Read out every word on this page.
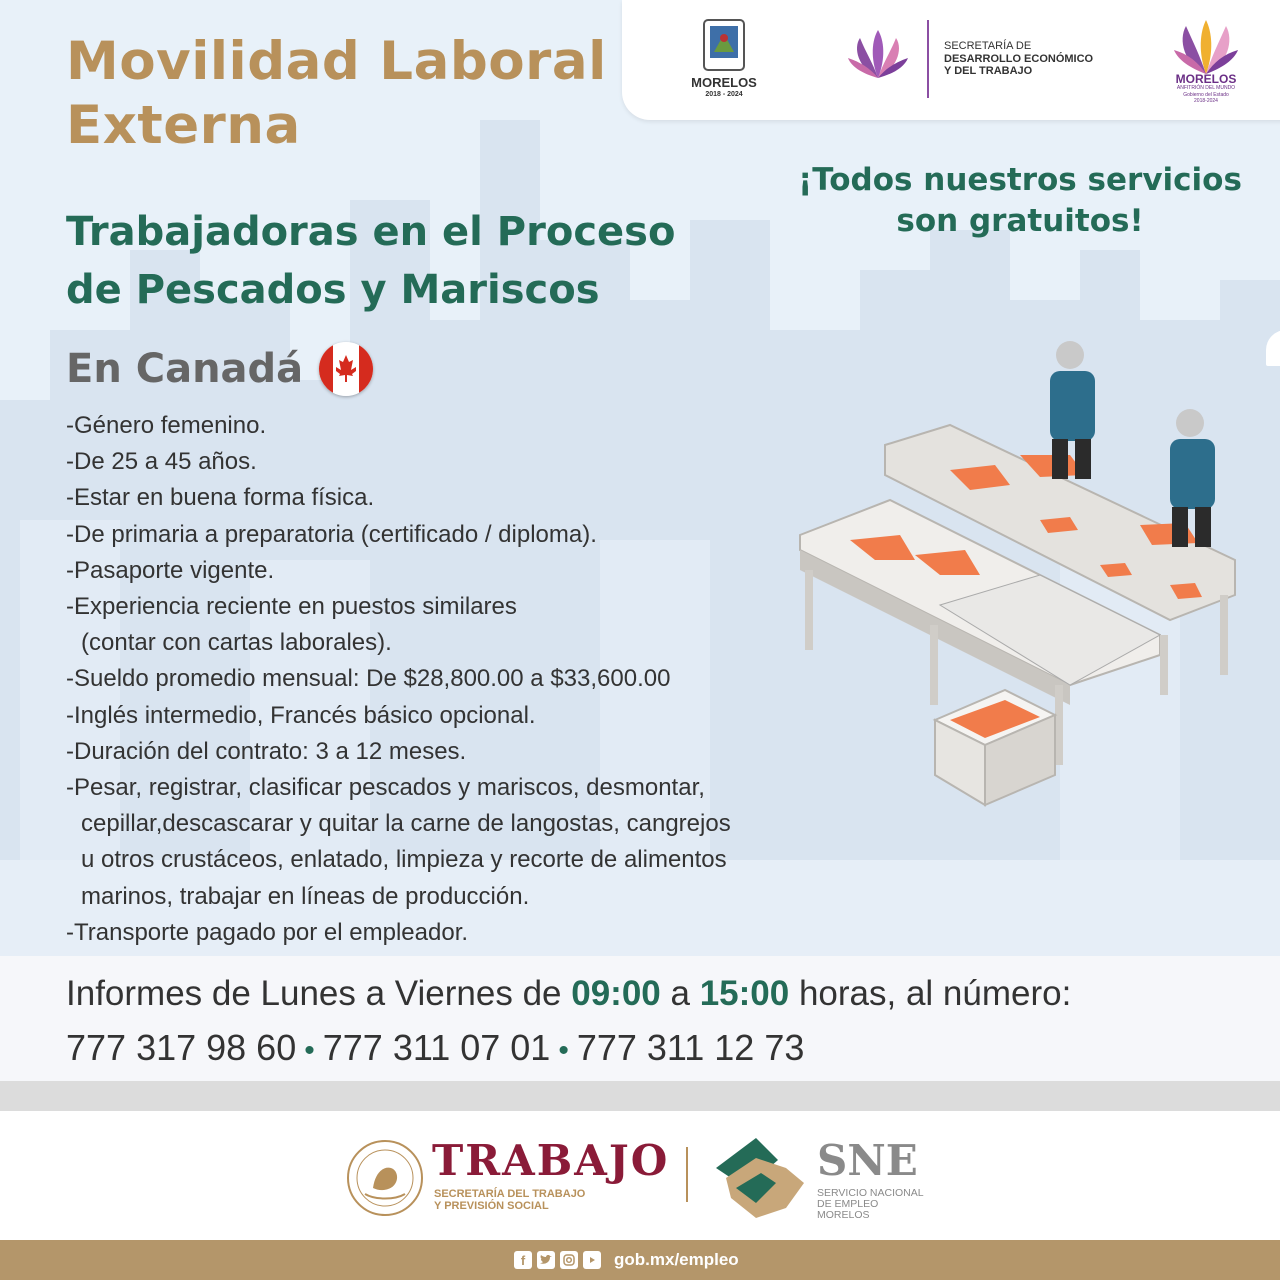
MORELOS
2018 - 2024
SECRETARÍA DE
DESARROLLO ECONÓMICO
Y DEL TRABAJO
MORELOS
ANFITRIÓN DEL MUNDO
Gobierno del Estado
2018-2024
Movilidad Laboral
Externa
Trabajadoras en el Proceso
de Pescados y Mariscos
¡Todos nuestros servicios
son gratuitos!
En Canadá
-Género femenino.
-De 25 a 45 años.
-Estar en buena forma física.
-De primaria a preparatoria (certificado / diploma).
-Pasaporte vigente.
-Experiencia reciente en puestos similares
(contar con cartas laborales).
-Sueldo promedio mensual: De $28,800.00 a $33,600.00
-Inglés intermedio, Francés básico opcional.
-Duración del contrato: 3 a 12 meses.
-Pesar, registrar, clasificar pescados y mariscos, desmontar,
cepillar,descascarar y quitar la carne de langostas, cangrejos
u otros crustáceos, enlatado, limpieza y recorte de alimentos
marinos, trabajar en líneas de producción.
-Transporte pagado por el empleador.
Informes de Lunes a Viernes de 09:00 a 15:00 horas, al número:
777 317 98 60 • 777 311 07 01 • 777 311 12 73
TRABAJO
SECRETARÍA DEL TRABAJO
Y PREVISIÓN SOCIAL
SNE
SERVICIO NACIONAL
DE EMPLEO
MORELOS
f	gob.mx/empleo
